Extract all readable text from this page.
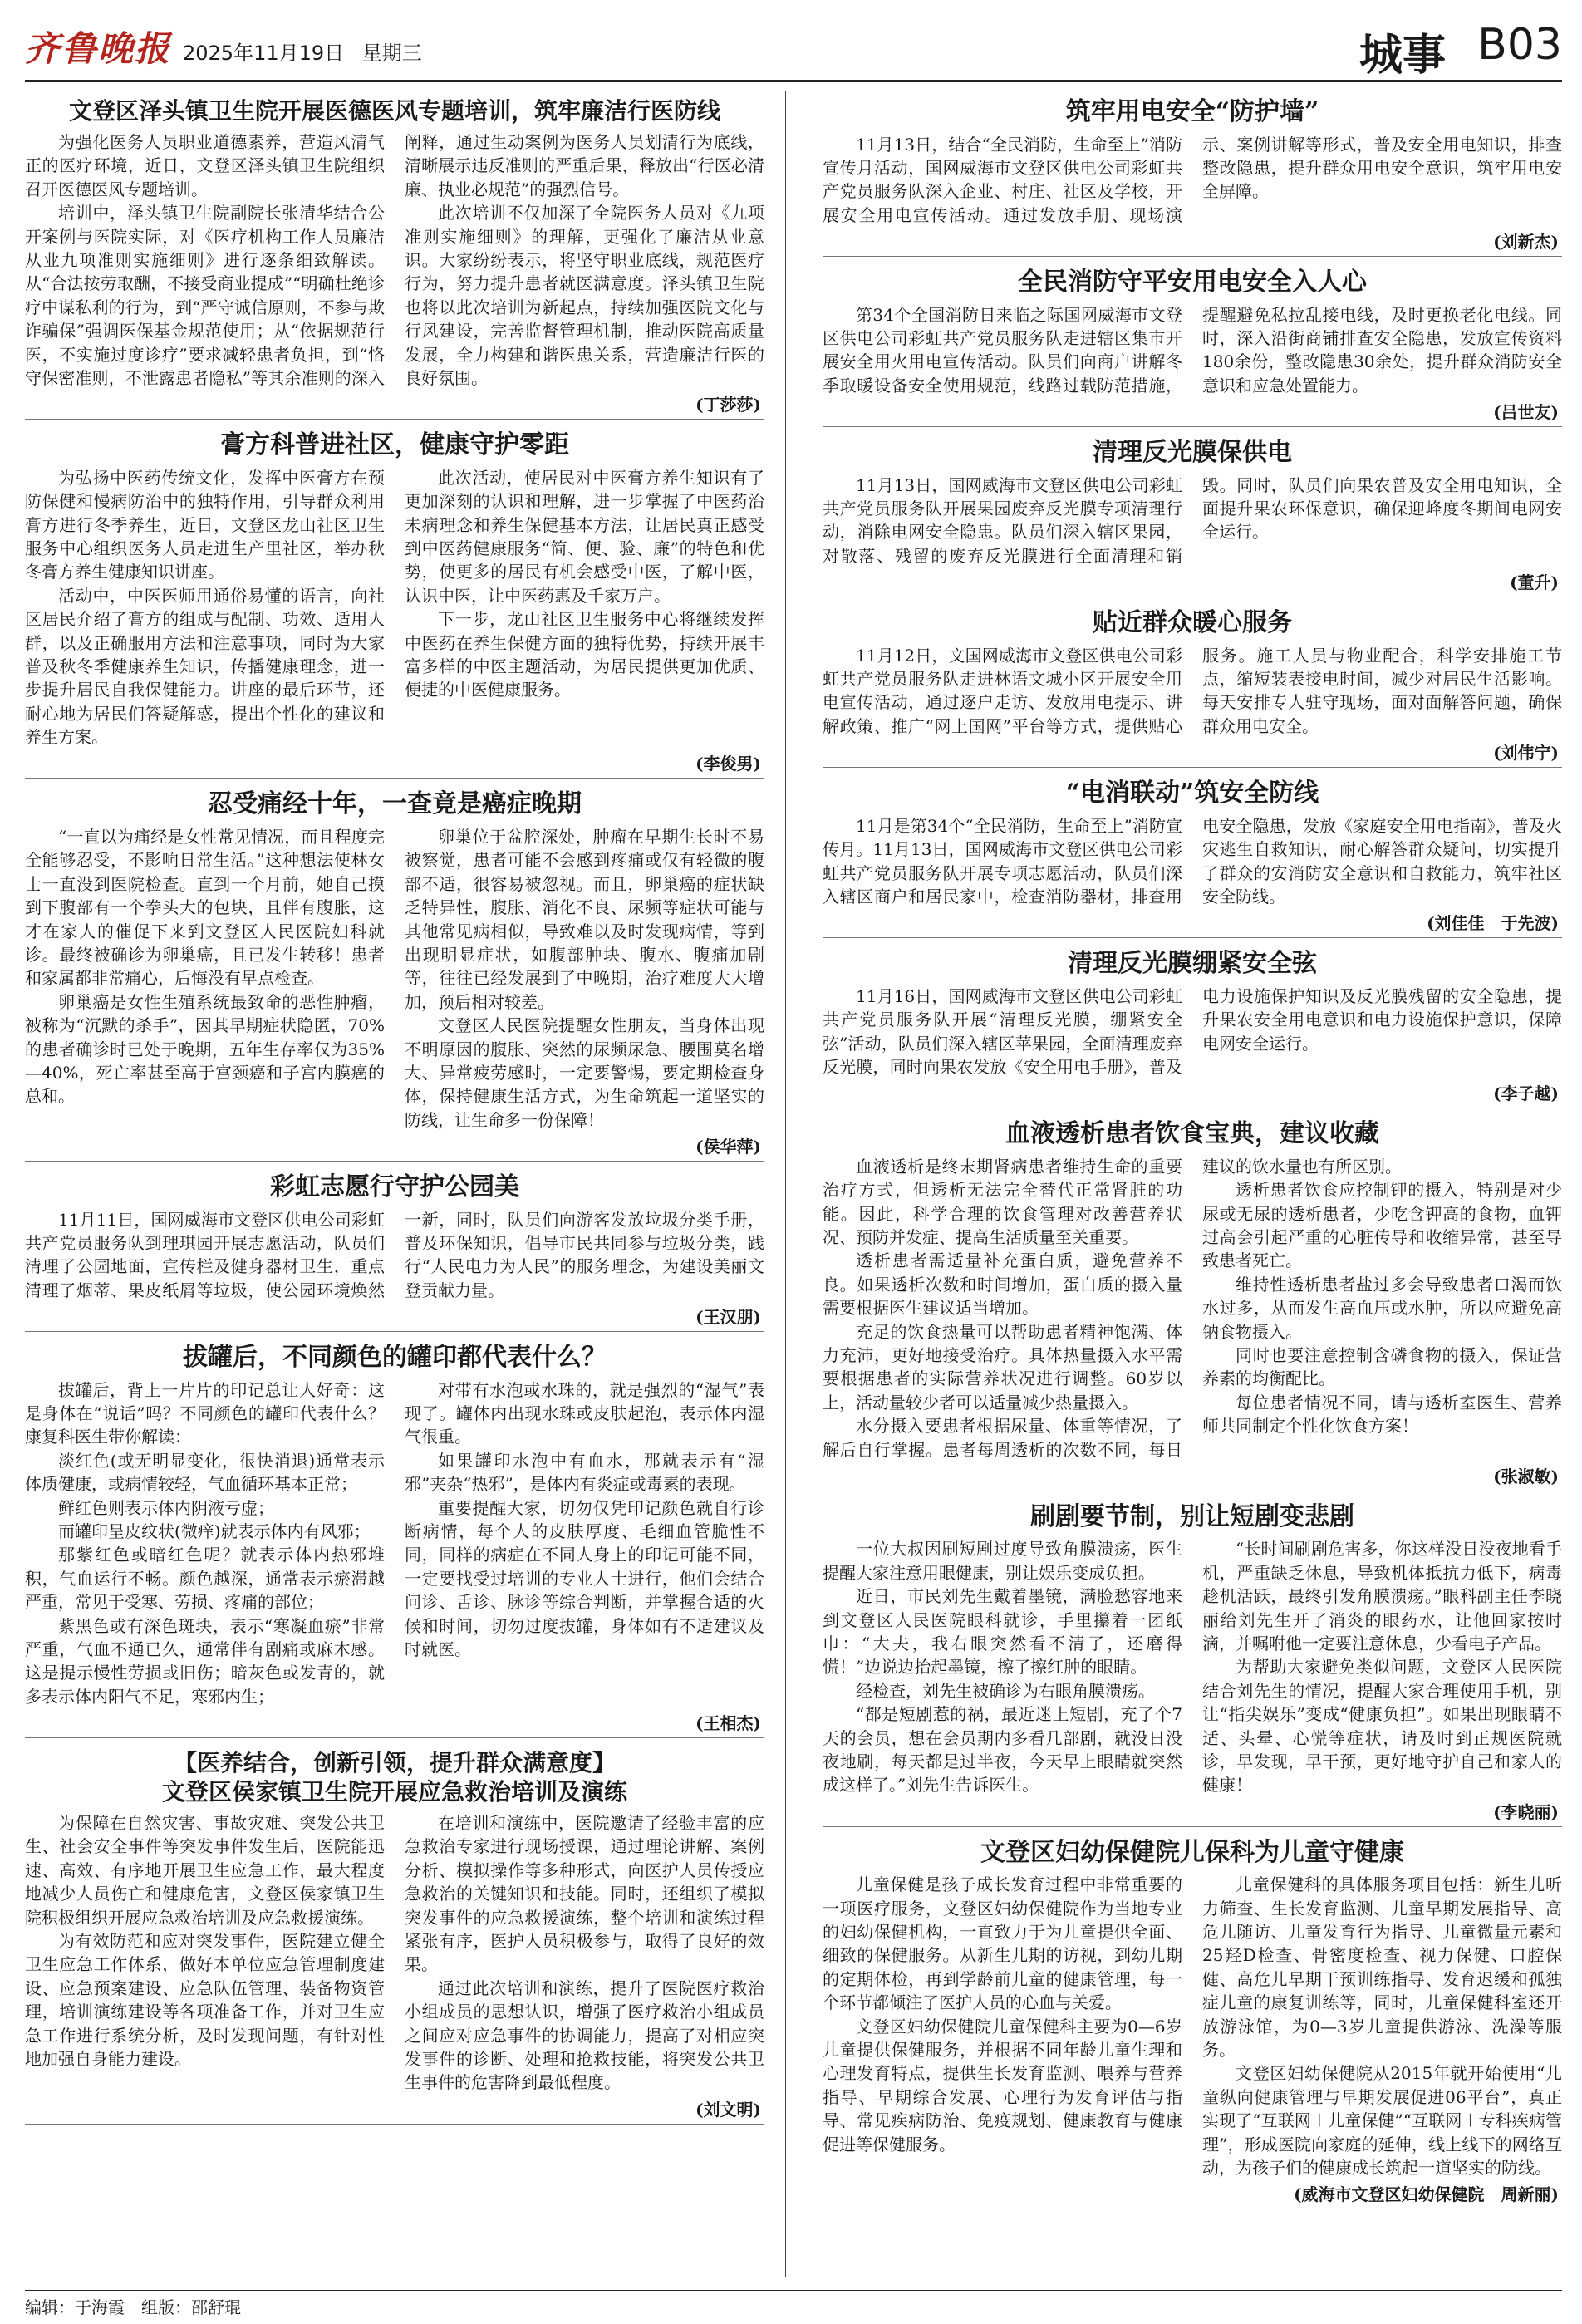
齐鲁晚报 2025年11月19日 星期三	城事 B03
文登区泽头镇卫生院开展医德医风专题培训，筑牢廉洁行医防线

为强化医务人员职业道德素养，营造风清气正的医疗环境，近日，文登区泽头镇卫生院组织召开医德医风专题培训。

培训中，泽头镇卫生院副院长张清华结合公开案例与医院实际，对《医疗机构工作人员廉洁从业九项准则实施细则》进行逐条细致解读。从“合法按劳取酬，不接受商业提成”“明确杜绝诊疗中谋私利的行为，到“严守诚信原则，不参与欺诈骗保”强调医保基金规范使用；从“依据规范行医，不实施过度诊疗”要求减轻患者负担，到“恪守保密准则，不泄露患者隐私”等其余准则的深入阐释，通过生动案例为医务人员划清行为底线，清晰展示违反准则的严重后果，释放出“行医必清廉、执业必规范”的强烈信号。

此次培训不仅加深了全院医务人员对《九项准则实施细则》的理解，更强化了廉洁从业意识。大家纷纷表示，将坚守职业底线，规范医疗行为，努力提升患者就医满意度。泽头镇卫生院也将以此次培训为新起点，持续加强医院文化与行风建设，完善监督管理机制，推动医院高质量发展，全力构建和谐医患关系，营造廉洁行医的良好氛围。

(丁莎莎)
膏方科普进社区，健康守护零距

为弘扬中医药传统文化，发挥中医膏方在预防保健和慢病防治中的独特作用，引导群众利用膏方进行冬季养生，近日，文登区龙山社区卫生服务中心组织医务人员走进生产里社区，举办秋冬膏方养生健康知识讲座。

活动中，中医医师用通俗易懂的语言，向社区居民介绍了膏方的组成与配制、功效、适用人群，以及正确服用方法和注意事项，同时为大家普及秋冬季健康养生知识，传播健康理念，进一步提升居民自我保健能力。讲座的最后环节，还耐心地为居民们答疑解惑，提出个性化的建议和养生方案。

此次活动，使居民对中医膏方养生知识有了更加深刻的认识和理解，进一步掌握了中医药治未病理念和养生保健基本方法，让居民真正感受到中医药健康服务“简、便、验、廉”的特色和优势，使更多的居民有机会感受中医，了解中医，认识中医，让中医药惠及千家万户。

下一步，龙山社区卫生服务中心将继续发挥中医药在养生保健方面的独特优势，持续开展丰富多样的中医主题活动，为居民提供更加优质、便捷的中医健康服务。

(李俊男)
忍受痛经十年，一查竟是癌症晚期

“一直以为痛经是女性常见情况，而且程度完全能够忍受，不影响日常生活。”这种想法使林女士一直没到医院检查。直到一个月前，她自己摸到下腹部有一个拳头大的包块，且伴有腹胀，这才在家人的催促下来到文登区人民医院妇科就诊。最终被确诊为卵巢癌，且已发生转移！患者和家属都非常痛心，后悔没有早点检查。

卵巢癌是女性生殖系统最致命的恶性肿瘤，被称为“沉默的杀手”，因其早期症状隐匿，70%的患者确诊时已处于晚期，五年生存率仅为35%—40%，死亡率甚至高于宫颈癌和子宫内膜癌的总和。

卵巢位于盆腔深处，肿瘤在早期生长时不易被察觉，患者可能不会感到疼痛或仅有轻微的腹部不适，很容易被忽视。而且，卵巢癌的症状缺乏特异性，腹胀、消化不良、尿频等症状可能与其他常见病相似，导致难以及时发现病情，等到出现明显症状，如腹部肿块、腹水、腹痛加剧等，往往已经发展到了中晚期，治疗难度大大增加，预后相对较差。

文登区人民医院提醒女性朋友，当身体出现不明原因的腹胀、突然的尿频尿急、腰围莫名增大、异常疲劳感时，一定要警惕，要定期检查身体，保持健康生活方式，为生命筑起一道坚实的防线，让生命多一份保障！

(侯华萍)
彩虹志愿行守护公园美

11月11日，国网威海市文登区供电公司彩虹共产党员服务队到理琪园开展志愿活动，队员们清理了公园地面，宣传栏及健身器材卫生，重点清理了烟蒂、果皮纸屑等垃圾，使公园环境焕然一新，同时，队员们向游客发放垃圾分类手册，普及环保知识，倡导市民共同参与垃圾分类，践行“人民电力为人民”的服务理念，为建设美丽文登贡献力量。

(王汉朋)
拔罐后，不同颜色的罐印都代表什么？

拔罐后，背上一片片的印记总让人好奇：这是身体在“说话”吗？不同颜色的罐印代表什么？康复科医生带你解读：

淡红色(或无明显变化，很快消退)通常表示体质健康，或病情较轻，气血循环基本正常；

鲜红色则表示体内阴液亏虚；

而罐印呈皮纹状(微痒)就表示体内有风邪；

那紫红色或暗红色呢？就表示体内热邪堆积，气血运行不畅。颜色越深，通常表示瘀滞越严重，常见于受寒、劳损、疼痛的部位；

紫黑色或有深色斑块，表示“寒凝血瘀”非常严重，气血不通已久，通常伴有剧痛或麻木感。这是提示慢性劳损或旧伤；暗灰色或发青的，就多表示体内阳气不足，寒邪内生；

对带有水泡或水珠的，就是强烈的“湿气”表现了。罐体内出现水珠或皮肤起泡，表示体内湿气很重。

如果罐印水泡中有血水，那就表示有“湿邪”夹杂“热邪”，是体内有炎症或毒素的表现。

重要提醒大家，切勿仅凭印记颜色就自行诊断病情，每个人的皮肤厚度、毛细血管脆性不同，同样的病症在不同人身上的印记可能不同，一定要找受过培训的专业人士进行，他们会结合问诊、舌诊、脉诊等综合判断，并掌握合适的火候和时间，切勿过度拔罐，身体如有不适建议及时就医。

(王相杰)
【医养结合，创新引领，提升群众满意度】
文登区侯家镇卫生院开展应急救治培训及演练

为保障在自然灾害、事故灾难、突发公共卫生、社会安全事件等突发事件发生后，医院能迅速、高效、有序地开展卫生应急工作，最大程度地减少人员伤亡和健康危害，文登区侯家镇卫生院积极组织开展应急救治培训及应急救援演练。

为有效防范和应对突发事件，医院建立健全卫生应急工作体系，做好本单位应急管理制度建设、应急预案建设、应急队伍管理、装备物资管理，培训演练建设等各项准备工作，并对卫生应急工作进行系统分析，及时发现问题，有针对性地加强自身能力建设。

在培训和演练中，医院邀请了经验丰富的应急救治专家进行现场授课，通过理论讲解、案例分析、模拟操作等多种形式，向医护人员传授应急救治的关键知识和技能。同时，还组织了模拟突发事件的应急救援演练，整个培训和演练过程紧张有序，医护人员积极参与，取得了良好的效果。

通过此次培训和演练，提升了医院医疗救治小组成员的思想认识，增强了医疗救治小组成员之间应对应急事件的协调能力，提高了对相应突发事件的诊断、处理和抢救技能，将突发公共卫生事件的危害降到最低程度。

(刘文明)
筑牢用电安全“防护墙”

11月13日，结合“全民消防，生命至上”消防宣传月活动，国网威海市文登区供电公司彩虹共产党员服务队深入企业、村庄、社区及学校，开展安全用电宣传活动。通过发放手册、现场演示、案例讲解等形式，普及安全用电知识，排查整改隐患，提升群众用电安全意识，筑牢用电安全屏障。

(刘新杰)
全民消防守平安用电安全入人心

第34个全国消防日来临之际国网威海市文登区供电公司彩虹共产党员服务队走进辖区集市开展安全用火用电宣传活动。队员们向商户讲解冬季取暖设备安全使用规范，线路过载防范措施，提醒避免私拉乱接电线，及时更换老化电线。同时，深入沿街商铺排查安全隐患，发放宣传资料180余份，整改隐患30余处，提升群众消防安全意识和应急处置能力。

(吕世友)
清理反光膜保供电

11月13日，国网威海市文登区供电公司彩虹共产党员服务队开展果园废弃反光膜专项清理行动，消除电网安全隐患。队员们深入辖区果园，对散落、残留的废弃反光膜进行全面清理和销毁。同时，队员们向果农普及安全用电知识，全面提升果农环保意识，确保迎峰度冬期间电网安全运行。

(董升)
贴近群众暖心服务

11月12日，文国网威海市文登区供电公司彩虹共产党员服务队走进林语文城小区开展安全用电宣传活动，通过逐户走访、发放用电提示、讲解政策、推广“网上国网”平台等方式，提供贴心服务。施工人员与物业配合，科学安排施工节点，缩短装表接电时间，减少对居民生活影响。每天安排专人驻守现场，面对面解答问题，确保群众用电安全。

(刘伟宁)
“电消联动”筑安全防线

11月是第34个“全民消防，生命至上”消防宣传月。11月13日，国网威海市文登区供电公司彩虹共产党员服务队开展专项志愿活动，队员们深入辖区商户和居民家中，检查消防器材，排查用电安全隐患，发放《家庭安全用电指南》，普及火灾逃生自救知识，耐心解答群众疑问，切实提升了群众的安消防安全意识和自救能力，筑牢社区安全防线。

(刘佳佳　于先波)
清理反光膜绷紧安全弦

11月16日，国网威海市文登区供电公司彩虹共产党员服务队开展“清理反光膜，绷紧安全弦”活动，队员们深入辖区苹果园，全面清理废弃反光膜，同时向果农发放《安全用电手册》，普及电力设施保护知识及反光膜残留的安全隐患，提升果农安全用电意识和电力设施保护意识，保障电网安全运行。

(李子越)
血液透析患者饮食宝典，建议收藏

血液透析是终末期肾病患者维持生命的重要治疗方式，但透析无法完全替代正常肾脏的功能。因此，科学合理的饮食管理对改善营养状况、预防并发症、提高生活质量至关重要。

透析患者需适量补充蛋白质，避免营养不良。如果透析次数和时间增加，蛋白质的摄入量需要根据医生建议适当增加。

充足的饮食热量可以帮助患者精神饱满、体力充沛，更好地接受治疗。具体热量摄入水平需要根据患者的实际营养状况进行调整。60岁以上，活动量较少者可以适量减少热量摄入。

水分摄入要患者根据尿量、体重等情况，了解后自行掌握。患者每周透析的次数不同，每日建议的饮水量也有所区别。

透析患者饮食应控制钾的摄入，特别是对少尿或无尿的透析患者，少吃含钾高的食物，血钾过高会引起严重的心脏传导和收缩异常，甚至导致患者死亡。

维持性透析患者盐过多会导致患者口渴而饮水过多，从而发生高血压或水肿，所以应避免高钠食物摄入。

同时也要注意控制含磷食物的摄入，保证营养素的均衡配比。

每位患者情况不同，请与透析室医生、营养师共同制定个性化饮食方案！

(张淑敏)
刷剧要节制，别让短剧变悲剧

一位大叔因刷短剧过度导致角膜溃疡，医生提醒大家注意用眼健康，别让娱乐变成负担。

近日，市民刘先生戴着墨镜，满脸愁容地来到文登区人民医院眼科就诊，手里攥着一团纸巾：“大夫，我右眼突然看不清了，还磨得慌！”边说边抬起墨镜，擦了擦红肿的眼睛。

经检查，刘先生被确诊为右眼角膜溃疡。

“都是短剧惹的祸，最近迷上短剧，充了个7天的会员，想在会员期内多看几部剧，就没日没夜地刷，每天都是过半夜，今天早上眼睛就突然成这样了。”刘先生告诉医生。

“长时间刷剧危害多，你这样没日没夜地看手机，严重缺乏休息，导致机体抵抗力低下，病毒趁机活跃，最终引发角膜溃疡。”眼科副主任李晓丽给刘先生开了消炎的眼药水，让他回家按时滴，并嘱咐他一定要注意休息，少看电子产品。

为帮助大家避免类似问题，文登区人民医院结合刘先生的情况，提醒大家合理使用手机，别让“指尖娱乐”变成“健康负担”。如果出现眼睛不适、头晕、心慌等症状，请及时到正规医院就诊，早发现，早干预，更好地守护自己和家人的健康！

(李晓丽)
文登区妇幼保健院儿保科为儿童守健康

儿童保健是孩子成长发育过程中非常重要的一项医疗服务，文登区妇幼保健院作为当地专业的妇幼保健机构，一直致力于为儿童提供全面、细致的保健服务。从新生儿期的访视，到幼儿期的定期体检，再到学龄前儿童的健康管理，每一个环节都倾注了医护人员的心血与关爱。

文登区妇幼保健院儿童保健科主要为0—6岁儿童提供保健服务，并根据不同年龄儿童生理和心理发育特点，提供生长发育监测、喂养与营养指导、早期综合发展、心理行为发育评估与指导、常见疾病防治、免疫规划、健康教育与健康促进等保健服务。

儿童保健科的具体服务项目包括：新生儿听力筛查、生长发育监测、儿童早期发展指导、高危儿随访、儿童发育行为指导、儿童微量元素和25羟D检查、骨密度检查、视力保健、口腔保健、高危儿早期干预训练指导、发育迟缓和孤独症儿童的康复训练等，同时，儿童保健科室还开放游泳馆，为0—3岁儿童提供游泳、洗澡等服务。

文登区妇幼保健院从2015年就开始使用“儿童纵向健康管理与早期发展促进06平台”，真正实现了“互联网＋儿童保健”“互联网＋专科疾病管理”，形成医院向家庭的延伸，线上线下的网络互动，为孩子们的健康成长筑起一道坚实的防线。

(威海市文登区妇幼保健院　周新丽)
编辑：于海霞　组版：邵舒琨
